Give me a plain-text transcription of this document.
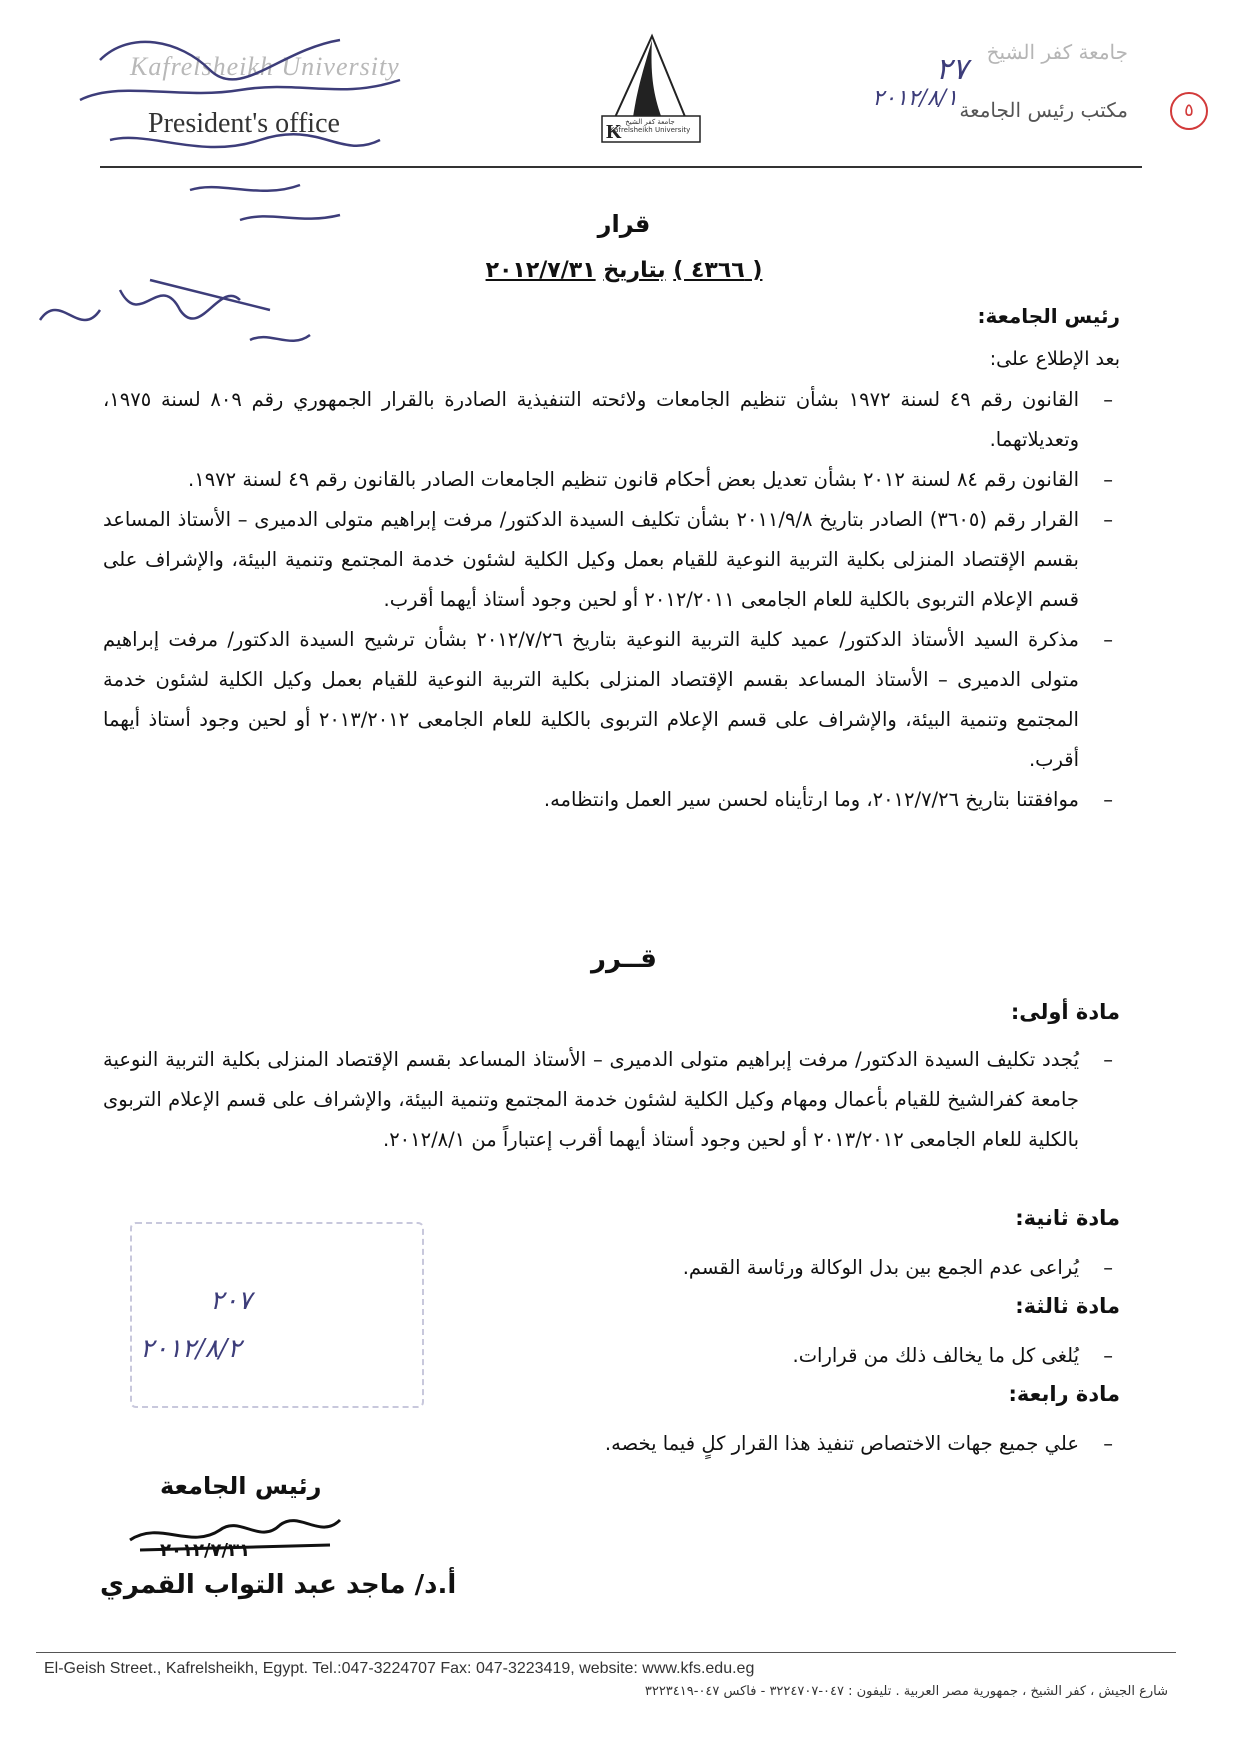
Kafrelsheikh University
President's office	K جامعة كفر الشيخ
Kafrelsheikh University
جامعة كفر الشيخ
مكتب رئيس الجامعة	٥
٢٧
٢٠١٢/٨/١
قرار
( ٤٣٦٦ ) بتاريخ ٢٠١٢/٧/٣١
رئيس الجامعة:
بعد الإطلاع على:
–
القانون رقم ٤٩ لسنة ١٩٧٢ بشأن تنظيم الجامعات ولائحته التنفيذية الصادرة بالقرار الجمهوري رقم ٨٠٩ لسنة ١٩٧٥، وتعديلاتهما.
–
القانون رقم ٨٤ لسنة ٢٠١٢ بشأن تعديل بعض أحكام قانون تنظيم الجامعات الصادر بالقانون رقم ٤٩ لسنة ١٩٧٢.
–
القرار رقم (٣٦٠٥) الصادر بتاريخ ٢٠١١/٩/٨ بشأن تكليف السيدة الدكتور/ مرفت إبراهيم متولى الدميرى – الأستاذ المساعد بقسم الإقتصاد المنزلى بكلية التربية النوعية للقيام بعمل وكيل الكلية لشئون خدمة المجتمع وتنمية البيئة، والإشراف على قسم الإعلام التربوى بالكلية للعام الجامعى ٢٠١٢/٢٠١١ أو لحين وجود أستاذ أيهما أقرب.
–
مذكرة السيد الأستاذ الدكتور/ عميد كلية التربية النوعية بتاريخ ٢٠١٢/٧/٢٦ بشأن ترشيح السيدة الدكتور/ مرفت إبراهيم متولى الدميرى – الأستاذ المساعد بقسم الإقتصاد المنزلى بكلية التربية النوعية للقيام بعمل وكيل الكلية لشئون خدمة المجتمع وتنمية البيئة، والإشراف على قسم الإعلام التربوى بالكلية للعام الجامعى ٢٠١٣/٢٠١٢ أو لحين وجود أستاذ أيهما أقرب.
–
موافقتنا بتاريخ ٢٠١٢/٧/٢٦، وما ارتأيناه لحسن سير العمل وانتظامه.
قــرر
مادة أولى:
–
يُجدد تكليف السيدة الدكتور/ مرفت إبراهيم متولى الدميرى – الأستاذ المساعد بقسم الإقتصاد المنزلى بكلية التربية النوعية جامعة كفرالشيخ للقيام بأعمال ومهام وكيل الكلية لشئون خدمة المجتمع وتنمية البيئة، والإشراف على قسم الإعلام التربوى بالكلية للعام الجامعى ٢٠١٣/٢٠١٢ أو لحين وجود أستاذ أيهما أقرب إعتباراً من ٢٠١٢/٨/١.
مادة ثانية:
–
يُراعى عدم الجمع بين بدل الوكالة ورئاسة القسم.
مادة ثالثة:
–
يُلغى كل ما يخالف ذلك من قرارات.
مادة رابعة:
–
علي جميع جهات الاختصاص تنفيذ هذا القرار كلٍ فيما يخصه.
٢٠٧
٢٠١٢/٨/٢
رئيس الجامعة
٢٠١٢/٧/٣١
أ.د/ ماجد عبد التواب القمري
El-Geish Street., Kafrelsheikh, Egypt. Tel.:047-3224707 Fax: 047-3223419, website: www.kfs.edu.eg
شارع الجيش ، كفر الشيخ ، جمهورية مصر العربية . تليفون : ٠٤٧-٣٢٢٤٧٠٧ - فاكس ٠٤٧-٣٢٢٣٤١٩
